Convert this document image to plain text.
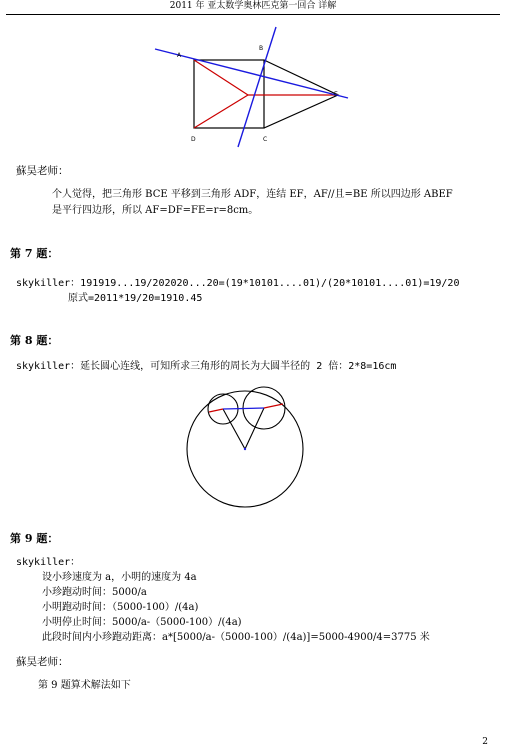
2011 年 亚太数学奥林匹克第一回合 详解
A
B
D	C
E
蘇昊老师：
个人觉得，把三角形 BCE 平移到三角形 ADF，连结 EF，AF//且=BE 所以四边形 ABEF
是平行四边形，所以 AF=DF=FE=r=8cm。
第 7 题：
skykiller：191919...19/202020...20=(19*10101....01)/(20*10101....01)=19/20
原式=2011*19/20=1910.45
第 8 题：
skykiller：延长圆心连线，可知所求三角形的周长为大圆半径的 2 倍：2*8=16cm
第 9 题：
skykiller：
设小珍速度为 a，小明的速度为 4a
小珍跑动时间：5000/a
小明跑动时间：（5000-100）/(4a)
小明停止时间：5000/a-（5000-100）/(4a)
此段时间内小珍跑动距离：a*[5000/a-（5000-100）/(4a)]=5000-4900/4=3775 米
蘇昊老师：
第 9 题算术解法如下
2
